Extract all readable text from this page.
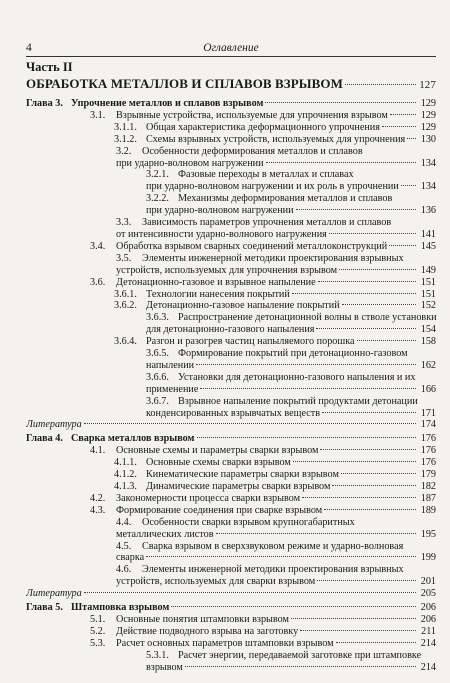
4	Оглавление
Часть II
ОБРАБОТКА МЕТАЛЛОВ И СПЛАВОВ ВЗРЫВОМ	127
Глава 3. Упрочнение металлов и сплавов взрывом	129
3.1.	Взрывные устройства, используемые для упрочнения взрывом	129
3.1.1. Общая характеристика деформационного упрочнения	129
3.1.2. Схемы взрывных устройств, используемых для упрочнения 130
3.2. Особенности деформирования металлов и сплавов
при ударно-волновом нагружении	134
3.2.1. Фазовые переходы в металлах и сплавах
при ударно-волновом нагружении и их роль в упрочнении 134
3.2.2. Механизмы деформирования металлов и сплавов
при ударно-волновом нагружении	136
3.3. Зависимость параметров упрочнения металлов и сплавов
от интенсивности ударно-волнового нагружения	141
3.4.	Обработка взрывом сварных соединений металлоконструкций	145
3.5. Элементы инженерной методики проектирования взрывных
устройств, используемых для упрочнения взрывом	149
3.6.	Детонационно-газовое и взрывное напыление	151
3.6.1. Технологии нанесения покрытий	151
3.6.2. Детонационно-газовое напыление покрытий	152
3.6.3. Распространение детонационной волны в стволе установки
для детонационно-газового напыления	154
3.6.4. Разгон и разогрев частиц напыляемого порошка	158
3.6.5. Формирование покрытий при детонационно-газовом
напылении	162
3.6.6. Установки для детонационно-газового напыления и их
применение	166
3.6.7. Взрывное напыление покрытий продуктами детонации
конденсированных взрывчатых веществ	171
Литература	174
Глава 4. Сварка металлов взрывом	176
4.1.	Основные схемы и параметры сварки взрывом	176
4.1.1. Основные схемы сварки взрывом	176
4.1.2. Кинематические параметры сварки взрывом	179
4.1.3. Динамические параметры сварки взрывом	182
4.2.	Закономерности процесса сварки взрывом	187
4.3.	Формирование соединения при сварке взрывом	189
4.4. Особенности сварки взрывом крупногабаритных
металлических листов	195
4.5. Сварка взрывом в сверхзвуковом режиме и ударно-волновая
сварка	199
4.6. Элементы инженерной методики проектирования взрывных
устройств, используемых для сварки взрывом	201
Литература	205
Глава 5. Штамповка взрывом	206
5.1.	Основные понятия штамповки взрывом	206
5.2.	Действие подводного взрыва на заготовку	211
5.3.	Расчет основных параметров штамповки взрывом	214
5.3.1. Расчет энергии, передаваемой заготовке при штамповке
взрывом	214
